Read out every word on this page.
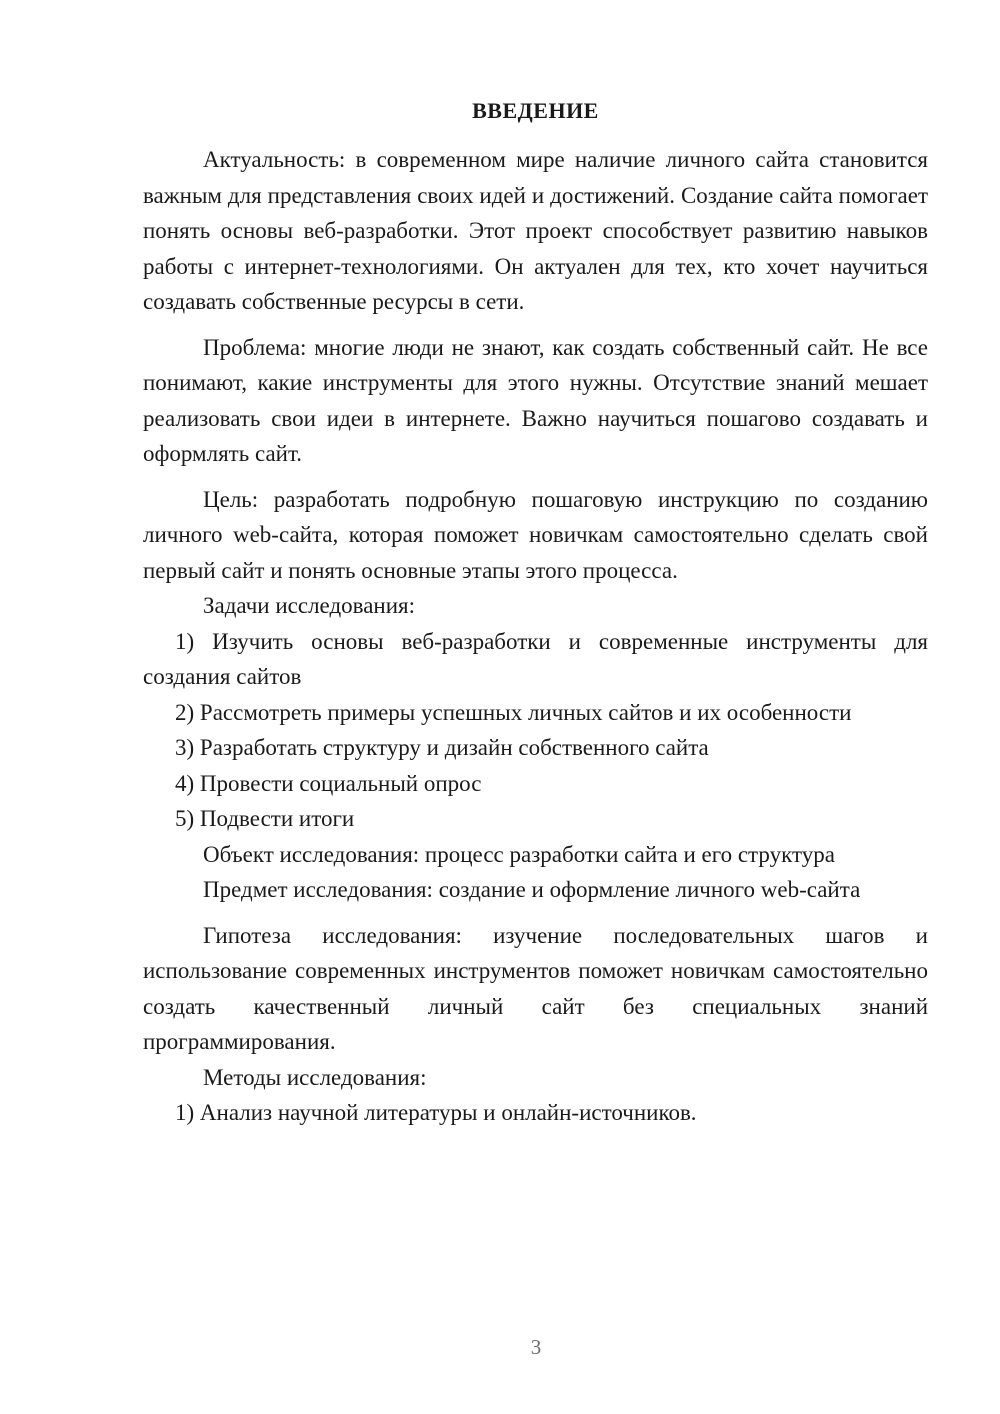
ВВЕДЕНИЕ

Актуальность: в современном мире наличие личного сайта становится важным для представления своих идей и достижений. Создание сайта помогает понять основы веб-разработки. Этот проект способствует развитию навыков работы с интернет-технологиями. Он актуален для тех, кто хочет научиться создавать собственные ресурсы в сети.

Проблема: многие люди не знают, как создать собственный сайт. Не все понимают, какие инструменты для этого нужны. Отсутствие знаний мешает реализовать свои идеи в интернете. Важно научиться пошагово создавать и оформлять сайт.

Цель: разработать подробную пошаговую инструкцию по созданию личного web-сайта, которая поможет новичкам самостоятельно сделать свой первый сайт и понять основные этапы этого процесса.

Задачи исследования:

1) Изучить основы веб-разработки и современные инструменты для создания сайтов

2) Рассмотреть примеры успешных личных сайтов и их особенности

3) Разработать структуру и дизайн собственного сайта

4) Провести социальный опрос

5) Подвести итоги

Объект исследования: процесс разработки сайта и его структура

Предмет исследования: создание и оформление личного web-сайта

Гипотеза исследования: изучение последовательных шагов и использование современных инструментов поможет новичкам самостоятельно создать качественный личный сайт без специальных знаний программирования.

Методы исследования:

1) Анализ научной литературы и онлайн-источников.

3
